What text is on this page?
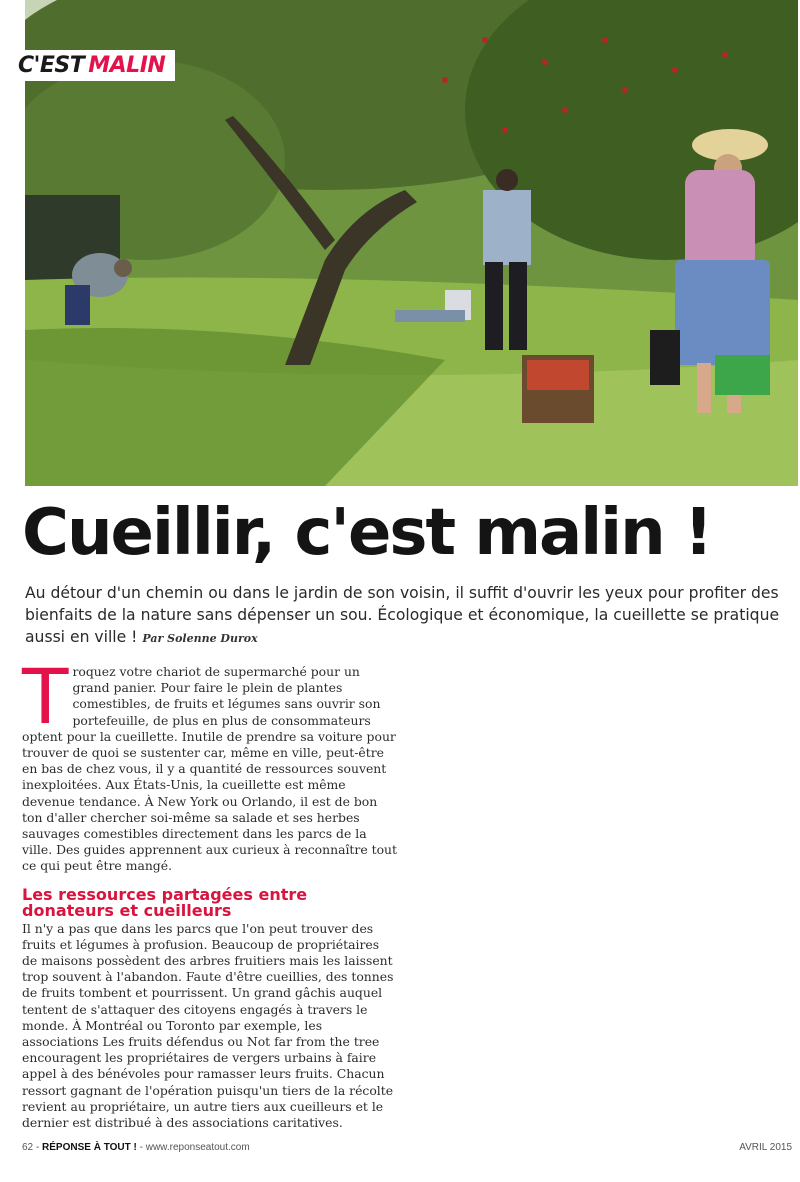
C'EST MALIN
Cueillir, c'est malin !

Au détour d'un chemin ou dans le jardin de son voisin, il suffit d'ouvrir les yeux pour profiter des bienfaits de la nature sans dépenser un sou. Écologique et économique, la cueillette se pratique aussi en ville ! Par Solenne Durox

Troquez votre chariot de supermarché pour un grand panier. Pour faire le plein de plantes comestibles, de fruits et légumes sans ouvrir son portefeuille, de plus en plus de consommateurs optent pour la cueillette. Inutile de prendre sa voiture pour trouver de quoi se sustenter car, même en ville, peut-être en bas de chez vous, il y a quantité de ressources souvent inexploitées. Aux États-Unis, la cueillette est même devenue tendance. À New York ou Orlando, il est de bon ton d'aller chercher soi-même sa salade et ses herbes sauvages comestibles directement dans les parcs de la ville. Des guides apprennent aux curieux à reconnaître tout ce qui peut être mangé.

Les ressources partagées entre donateurs et cueilleurs

Il n'y a pas que dans les parcs que l'on peut trouver des fruits et légumes à profusion. Beaucoup de propriétaires de maisons possèdent des arbres fruitiers mais les laissent trop souvent à l'abandon. Faute d'être cueillies, des tonnes de fruits tombent et pourrissent. Un grand gâchis auquel tentent de s'attaquer des citoyens engagés à travers le monde. À Montréal ou Toronto par exemple, les associations Les fruits défendus ou Not far from the tree encouragent les propriétaires de vergers urbains à faire appel à des bénévoles pour ramasser leurs fruits. Chacun ressort gagnant de l'opération puisqu'un tiers de la récolte revient au propriétaire, un autre tiers aux cueilleurs et le dernier est distribué à des associations caritatives.

62 - RÉPONSE À TOUT ! - www.reponseatout.com	AVRIL 2015
